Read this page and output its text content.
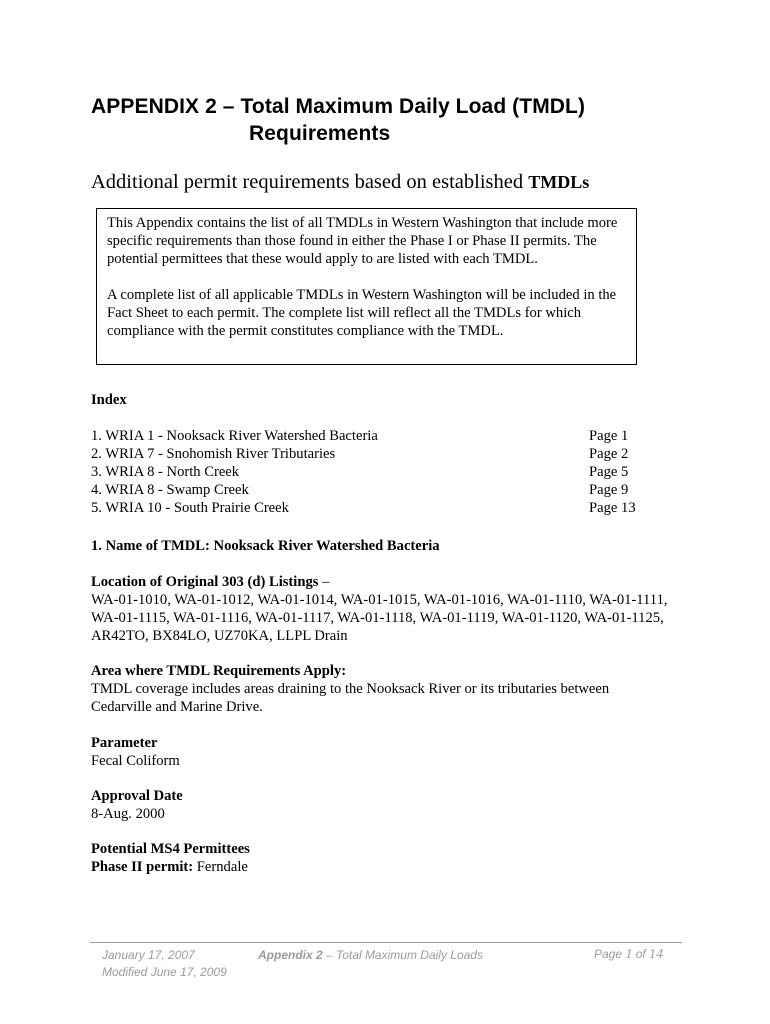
APPENDIX 2 – Total Maximum Daily Load (TMDL)
Requirements
Additional permit requirements based on established TMDLs

This Appendix contains the list of all TMDLs in Western Washington that include more specific requirements than those found in either the Phase I or Phase II permits. The potential permittees that these would apply to are listed with each TMDL.

A complete list of all applicable TMDLs in Western Washington will be included in the Fact Sheet to each permit. The complete list will reflect all the TMDLs for which compliance with the permit constitutes compliance with the TMDL.

Index
1. WRIA 1 - Nooksack River Watershed Bacteria	Page 1
2. WRIA 7 - Snohomish River Tributaries	Page 2
3. WRIA 8 - North Creek	Page 5
4. WRIA 8 - Swamp Creek	Page 9
5. WRIA 10 - South Prairie Creek	Page 13
1. Name of TMDL: Nooksack River Watershed Bacteria
Location of Original 303 (d) Listings –
WA-01-1010, WA-01-1012, WA-01-1014, WA-01-1015, WA-01-1016, WA-01-1110, WA-01-1111, WA-01-1115, WA-01-1116, WA-01-1117, WA-01-1118, WA-01-1119, WA-01-1120, WA-01-1125, AR42TO, BX84LO, UZ70KA, LLPL Drain
Area where TMDL Requirements Apply:
TMDL coverage includes areas draining to the Nooksack River or its tributaries between Cedarville and Marine Drive.
Parameter
Fecal Coliform
Approval Date
8-Aug. 2000
Potential MS4 Permittees
Phase II permit: Ferndale
January 17, 2007
Modified June 17, 2009
Appendix 2 – Total Maximum Daily Loads	Page 1 of 14
